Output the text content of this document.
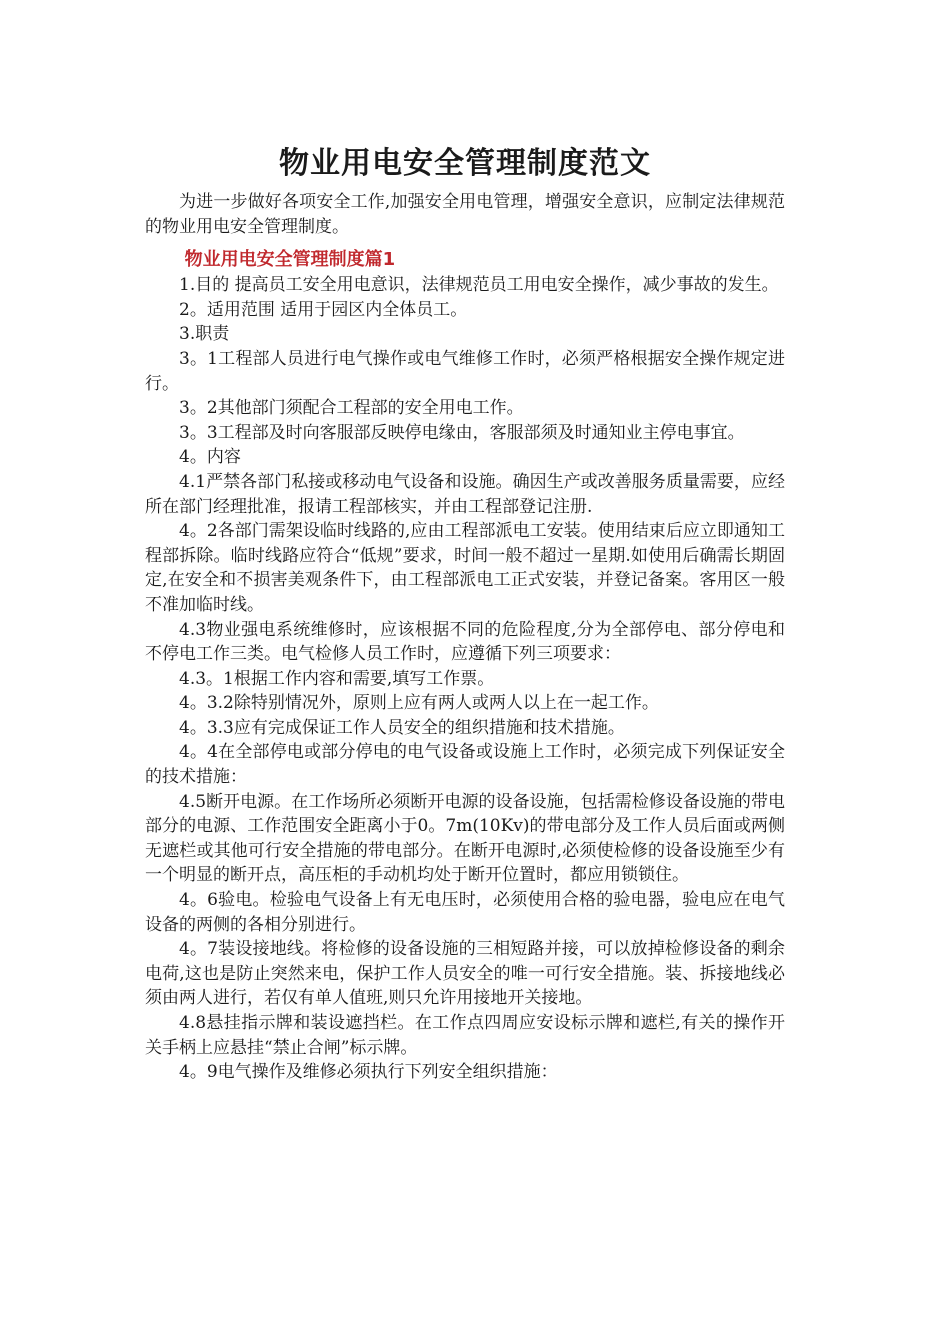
物业用电安全管理制度范文

为进一步做好各项安全工作,加强安全用电管理，增强安全意识，应制定法律规范的物业用电安全管理制度。

物业用电安全管理制度篇1

1.目的 提高员工安全用电意识，法律规范员工用电安全操作，减少事故的发生。

2。适用范围 适用于园区内全体员工。

3.职责

3。1工程部人员进行电气操作或电气维修工作时，必须严格根据安全操作规定进行。

3。2其他部门须配合工程部的安全用电工作。

3。3工程部及时向客服部反映停电缘由，客服部须及时通知业主停电事宜。

4。内容

4.1严禁各部门私接或移动电气设备和设施。确因生产或改善服务质量需要，应经所在部门经理批准，报请工程部核实，并由工程部登记注册.

4。2各部门需架设临时线路的,应由工程部派电工安装。使用结束后应立即通知工程部拆除。临时线路应符合“低规”要求，时间一般不超过一星期.如使用后确需长期固定,在安全和不损害美观条件下，由工程部派电工正式安装，并登记备案。客用区一般不准加临时线。

4.3物业强电系统维修时，应该根据不同的危险程度,分为全部停电、部分停电和不停电工作三类。电气检修人员工作时，应遵循下列三项要求：

4.3。1根据工作内容和需要,填写工作票。

4。3.2除特别情况外，原则上应有两人或两人以上在一起工作。

4。3.3应有完成保证工作人员安全的组织措施和技术措施。

4。4在全部停电或部分停电的电气设备或设施上工作时，必须完成下列保证安全的技术措施：

4.5断开电源。在工作场所必须断开电源的设备设施，包括需检修设备设施的带电部分的电源、工作范围安全距离小于0。7m(10Kv)的带电部分及工作人员后面或两侧无遮栏或其他可行安全措施的带电部分。在断开电源时,必须使检修的设备设施至少有一个明显的断开点，高压柜的手动机均处于断开位置时，都应用锁锁住。

4。6验电。检验电气设备上有无电压时，必须使用合格的验电器，验电应在电气设备的两侧的各相分别进行。

4。7装设接地线。将检修的设备设施的三相短路并接，可以放掉检修设备的剩余电荷,这也是防止突然来电，保护工作人员安全的唯一可行安全措施。装、拆接地线必须由两人进行，若仅有单人值班,则只允许用接地开关接地。

4.8悬挂指示牌和装设遮挡栏。在工作点四周应安设标示牌和遮栏,有关的操作开关手柄上应悬挂“禁止合闸”标示牌。

4。9电气操作及维修必须执行下列安全组织措施：
